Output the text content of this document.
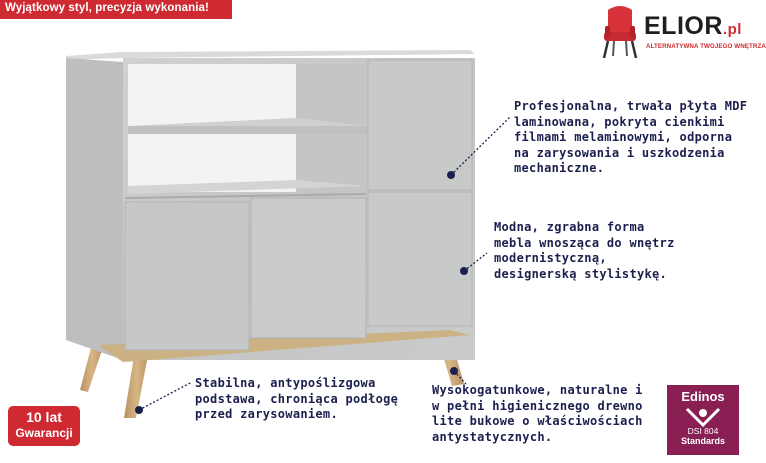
Wyjątkowy styl, precyzja wykonania!
ELIOR.pl
ALTERNATYWNA TWOJEGO WNĘTRZA
Profesjonalna, trwała płyta MDF
laminowana, pokryta cienkimi
filmami melaminowymi, odporna
na zarysowania i uszkodzenia
mechaniczne.
Modna, zgrabna forma
mebla wnosząca do wnętrz
modernistyczną,
designerską stylistykę.
Stabilna, antypoślizgowa
podstawa, chroniąca podłogę
przed zarysowaniem.
Wysokogatunkowe, naturalne i
w pełni higienicznego drewno
lite bukowe o właściwościach
antystatycznych.
10 lat
Gwarancji
Edinos
DSI 804
Standards
